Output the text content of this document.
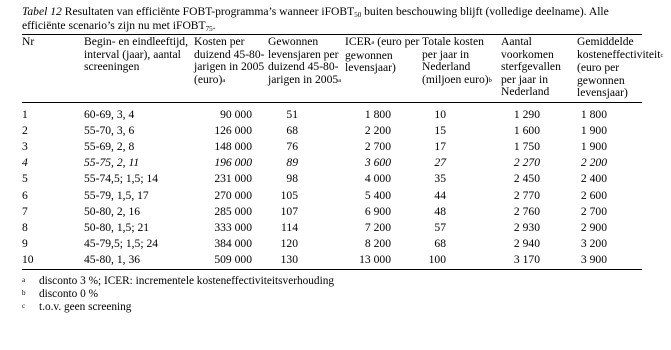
Tabel 12 Resultaten van efficiënte FOBT-programma’s wanneer iFOBT$_{50}$ buiten beschouwing blijft (volledige deelname). Alle efficiënte scenario’s zijn nu met iFOBT$_{75}$.
Nr	Begin- en eindleeftijd, interval (jaar), aantal screeningen	Kosten per duizend 45-80-jarigen in 2005 (euro)a	Gewonnen levensjaren per duizend 45-80-jarigen in 2005a	ICERa (euro per gewonnen levensjaar)	Totale kosten per jaar in Nederland (miljoen euro)b	Aantal voorkomen sterfgevallen per jaar in Nederland	Gemiddelde kosteneffectiviteitc (euro per gewonnen levensjaar)
1	60-69, 3, 4	90 000	51	1 800	10	1 290	1 800
2	55-70, 3, 6	126 000	68	2 200	15	1 600	1 900
3	55-69, 2, 8	148 000	76	2 700	17	1 750	1 900
4	55-75, 2, 11	196 000	89	3 600	27	2 270	2 200
5	55-74,5; 1,5; 14	231 000	98	4 000	35	2 450	2 400
6	55-79, 1,5, 17	270 000	105	5 400	44	2 770	2 600
7	50-80, 2, 16	285 000	107	6 900	48	2 760	2 700
8	50-80, 1,5; 21	333 000	114	7 200	57	2 930	2 900
9	45-79,5; 1,5; 24	384 000	120	8 200	68	2 940	3 200
10	45-80, 1, 36	509 000	130	13 000	100	3 170	3 900
a	disconto 3 %; ICER: incrementele kosteneffectiviteitsverhouding
b	disconto 0 %
c	t.o.v. geen screening
